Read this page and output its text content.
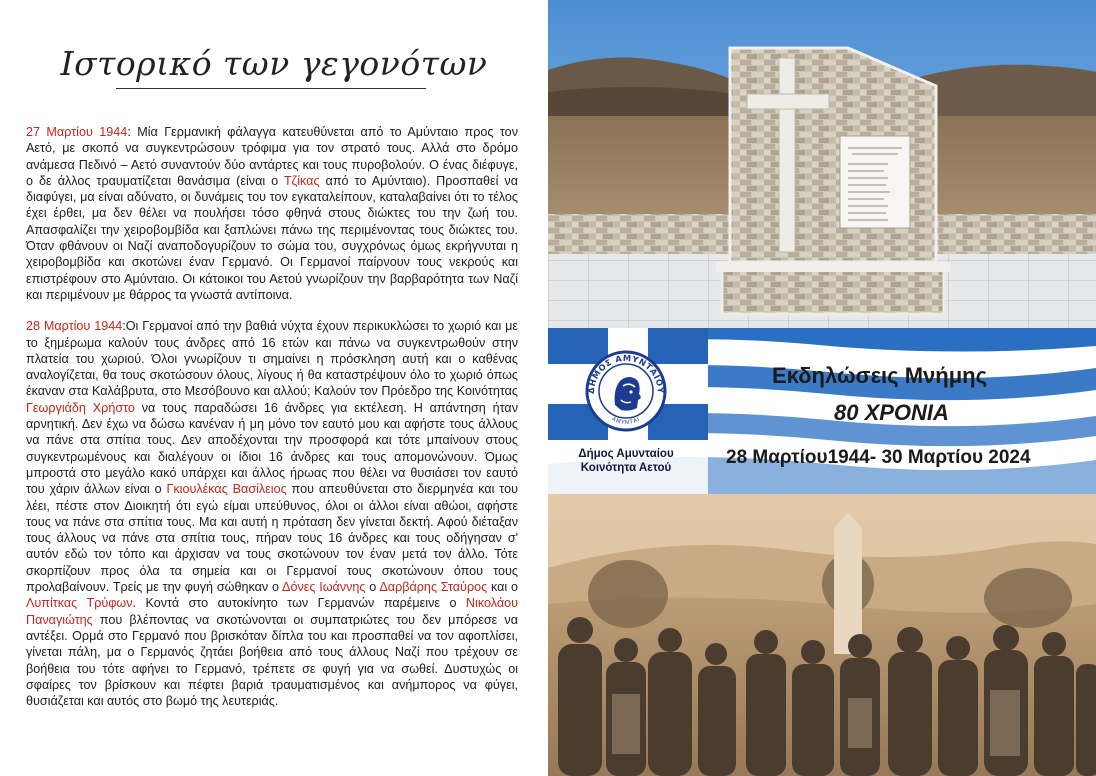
Ιστορικό των γεγονότων

27 Μαρτίου 1944: Μία Γερμανική φάλαγγα κατευθύνεται από το Αμύνταιο προς τον Αετό, με σκοπό να συγκεντρώσουν τρόφιμα για τον στρατό τους. Αλλά στο δρόμο ανάμεσα Πεδινό – Αετό συναντούν δύο αντάρτες και τους πυροβολούν. Ο ένας διέφυγε, ο δε άλλος τραυματίζεται θανάσιμα (είναι ο Τζίκας από το Αμύνταιο). Προσπαθεί να διαφύγει, μα είναι αδύνατο, οι δυνάμεις του τον εγκαταλείπουν, καταλαβαίνει ότι το τέλος έχει έρθει, μα δεν θέλει να πουλήσει τόσο φθηνά στους διώκτες του την ζωή του. Απασφαλίζει την χειροβομβίδα και ξαπλώνει πάνω της περιμένοντας τους διώκτες του. Όταν φθάνουν οι Ναζί αναποδογυρίζουν το σώμα του, συγχρόνως όμως εκρήγνυται η χειροβομβίδα και σκοτώνει έναν Γερμανό. Οι Γερμανοί παίρνουν τους νεκρούς και επιστρέφουν στο Αμύνταιο. Οι κάτοικοι του Αετού γνωρίζουν την βαρβαρότητα των Ναζί και περιμένουν με θάρρος τα γνωστά αντίποινα.

28 Μαρτίου 1944:Οι Γερμανοί από την βαθιά νύχτα έχουν περικυκλώσει το χωριό και με το ξημέρωμα καλούν τους άνδρες από 16 ετών και πάνω να συγκεντρωθούν στην πλατεία του χωριού. Όλοι γνωρίζουν τι σημαίνει η πρόσκληση αυτή και ο καθένας αναλογίζεται, θα τους σκοτώσουν όλους, λίγους ή θα καταστρέψουν όλο το χωριό όπως έκαναν στα Καλάβρυτα, στο Μεσόβουνο και αλλού; Καλούν τον Πρόεδρο της Κοινότητας Γεωργιάδη Χρήστο να τους παραδώσει 16 άνδρες για εκτέλεση. Η απάντηση ήταν αρνητική. Δεν έχω να δώσω κανέναν ή μη μόνο τον εαυτό μου και αφήστε τους άλλους να πάνε στα σπίτια τους. Δεν αποδέχονται την προσφορά και τότε μπαίνουν στους συγκεντρωμένους και διαλέγουν οι ίδιοι 16 άνδρες και τους απομονώνουν. Όμως μπροστά στο μεγάλο κακό υπάρχει και άλλος ήρωας που θέλει να θυσιάσει τον εαυτό του χάριν άλλων είναι ο Γκιουλέκας Βασίλειος που απευθύνεται στο διερμηνέα και του λέει, πέστε στον Διοικητή ότι εγώ είμαι υπεύθυνος, όλοι οι άλλοι είναι αθώοι, αφήστε τους να πάνε στα σπίτια τους. Μα και αυτή η πρόταση δεν γίνεται δεκτή. Αφού διέταξαν τους άλλους να πάνε στα σπίτια τους, πήραν τους 16 άνδρες και τους οδήγησαν σ' αυτόν εδώ τον τόπο και άρχισαν να τους σκοτώνουν τον έναν μετά τον άλλο. Τότε σκορπίζουν προς όλα τα σημεία και οι Γερμανοί τους σκοτώνουν όπου τους προλαβαίνουν. Τρείς με την φυγή σώθηκαν ο Δόνες Ιωάννης ο Δαρβάρης Σταύρος και ο Λυπίτκας Τρύφων. Κοντά στο αυτοκίνητο των Γερμανών παρέμεινε ο Νικολάου Παναγιώτης που βλέποντας να σκοτώνονται οι συμπατριώτες του δεν μπόρεσε να αντέξει. Ορμά στο Γερμανό που βρισκόταν δίπλα του και προσπαθεί να τον αφοπλίσει, γίνεται πάλη, μα ο Γερμανός ζητάει βοήθεια από τους άλλους Ναζί που τρέχουν σε βοήθεια του τότε αφήνει το Γερμανό, τρέπετε σε φυγή για να σωθεί. Δυστυχώς οι σφαίρες τον βρίσκουν και πέφτει βαριά τραυματισμένος και ανήμπορος να φύγει, θυσιάζεται και αυτός στο βωμό της λευτεριάς.

ΔΗΜΟΣ ΑΜΥΝΤΑΙΟΥ
ΑΜΥΝΤΑΙ
Δήμος Αμυνταίου
Κοινότητα Αετού
Εκδηλώσεις Μνήμης
80 ΧΡΟΝΙΑ
28 Μαρτίου1944- 30 Μαρτίου 2024
